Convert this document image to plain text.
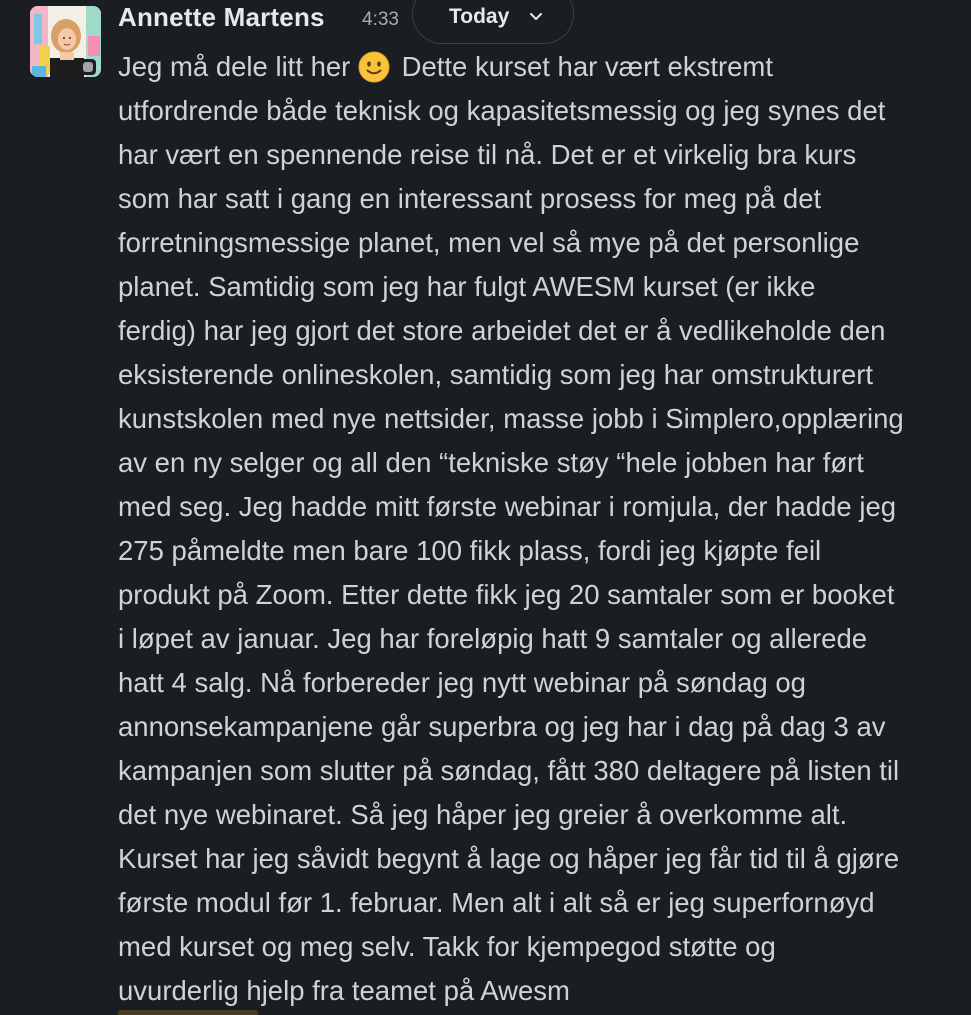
Annette Martens 4:33 Today
Jeg må dele litt her  Dette kurset har vært ekstremt
utfordrende både teknisk og kapasitetsmessig og jeg synes det
har vært en spennende reise til nå. Det er et virkelig bra kurs
som har satt i gang en interessant prosess for meg på det
forretningsmessige planet, men vel så mye på det personlige
planet. Samtidig som jeg har fulgt AWESM kurset (er ikke
ferdig) har jeg gjort det store arbeidet det er å vedlikeholde den
eksisterende onlineskolen, samtidig som jeg har omstrukturert
kunstskolen med nye nettsider, masse jobb i Simplero,opplæring
av en ny selger og all den “tekniske støy “hele jobben har ført
med seg. Jeg hadde mitt første webinar i romjula, der hadde jeg
275 påmeldte men bare 100 fikk plass, fordi jeg kjøpte feil
produkt på Zoom. Etter dette fikk jeg 20 samtaler som er booket
i løpet av januar. Jeg har foreløpig hatt 9 samtaler og allerede
hatt 4 salg. Nå forbereder jeg nytt webinar på søndag og
annonsekampanjene går superbra og jeg har i dag på dag 3 av
kampanjen som slutter på søndag, fått 380 deltagere på listen til
det nye webinaret. Så jeg håper jeg greier å overkomme alt.
Kurset har jeg såvidt begynt å lage og håper jeg får tid til å gjøre
første modul før 1. februar. Men alt i alt så er jeg superfornøyd
med kurset og meg selv. Takk for kjempegod støtte og
uvurderlig hjelp fra teamet på Awesm
